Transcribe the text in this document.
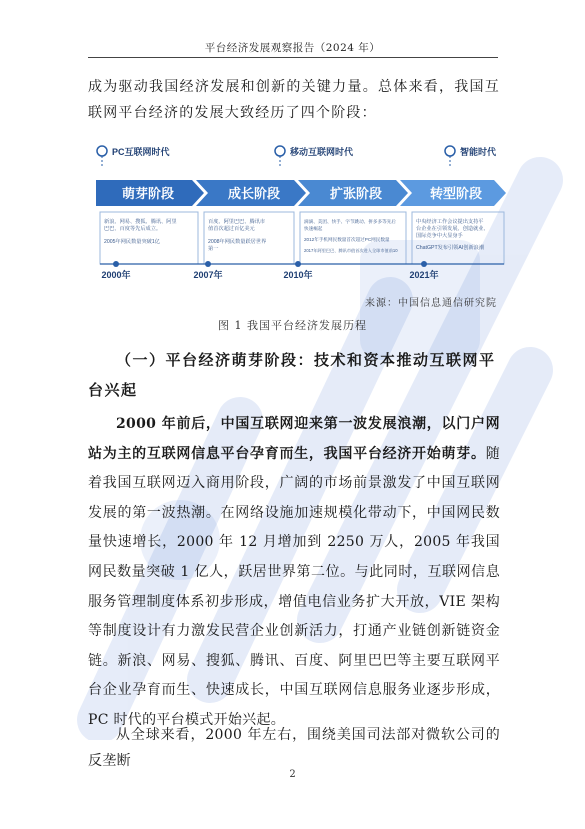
平台经济发展观察报告（2024 年）

成为驱动我国经济发展和创新的关键力量。总体来看，我国互联网平台经济的发展大致经历了四个阶段：

PC互联网时代	移动互联网时代	智能时代
萌芽阶段	成长阶段	扩张阶段	转型阶段
新浪、网易、搜狐、腾讯、阿里
巴巴、百度等先后成立。
2005年网民数量突破1亿
百度、阿里巴巴、腾讯市
值首次超过百亿美元
2008年网民数量跃居世界
第一
滴滴、美团、快手、字节跳动、拼多多等先后
快速崛起
2012年手机网民数量首次超过PC网民数量
2017年阿里巴巴、腾讯市值首次进入全球市值前10
中央经济工作会议提出支持平
台企业在引领发展、创造就业、
国际竞争中大显身手
ChatGPT发布引领AI创新浪潮
2000年	2007年	2010年	2021年
来源：中国信息通信研究院
图 1 我国平台经济发展历程
（一）平台经济萌芽阶段：技术和资本推动互联网平
台兴起

2000 年前后，中国互联网迎来第一波发展浪潮，以门户网站为主的互联网信息平台孕育而生，我国平台经济开始萌芽。随着我国互联网迈入商用阶段，广阔的市场前景激发了中国互联网发展的第一波热潮。在网络设施加速规模化带动下，中国网民数量快速增长，2000 年 12 月增加到 2250 万人，2005 年我国网民数量突破 1 亿人，跃居世界第二位。与此同时，互联网信息服务管理制度体系初步形成，增值电信业务扩大开放，VIE 架构等制度设计有力激发民营企业创新活力，打通产业链创新链资金链。新浪、网易、搜狐、腾讯、百度、阿里巴巴等主要互联网平台企业孕育而生、快速成长，中国互联网信息服务业逐步形成，PC 时代的平台模式开始兴起。

从全球来看，2000 年左右，围绕美国司法部对微软公司的反垄断

2
